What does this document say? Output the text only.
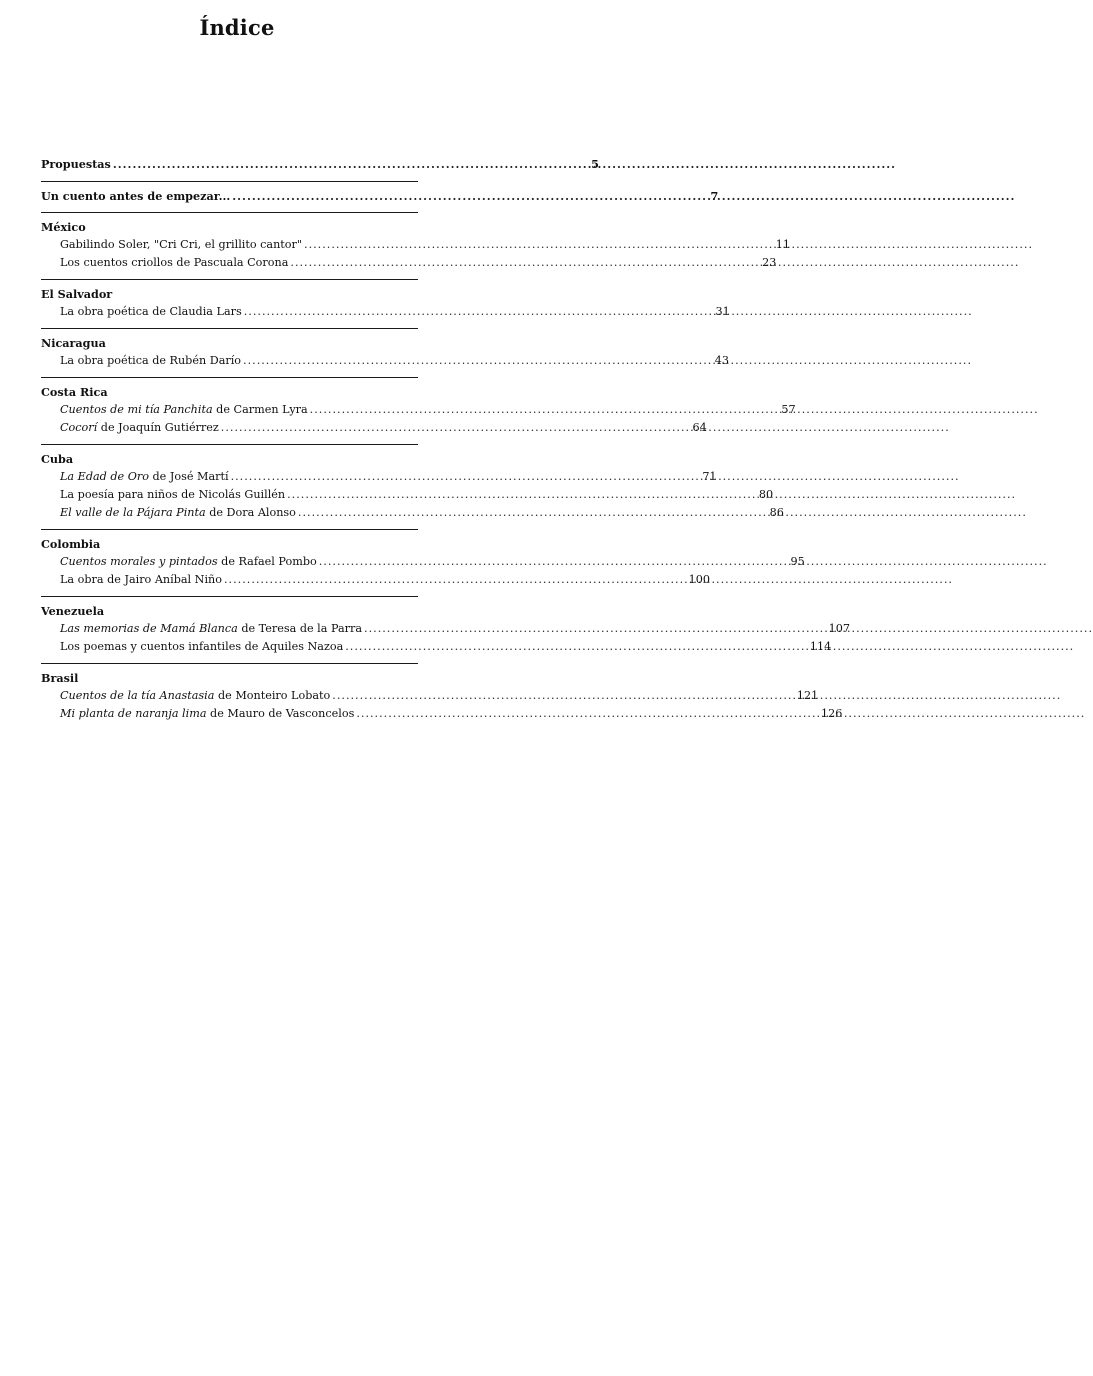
Índice
Propuestas .....	5
Un cuento antes de empezar... .....	7
México
Gabilindo Soler, "Cri Cri, el grillito cantor" .....	11
Los cuentos criollos de Pascuala Corona .....	23
El Salvador
La obra poética de Claudia Lars .....	31
Nicaragua
La obra poética de Rubén Darío .....	43
Costa Rica
Cuentos de mi tía Panchita de Carmen Lyra .....	57
Cocorí de Joaquín Gutiérrez .....	64
Cuba
La Edad de Oro de José Martí .....	71
La poesía para niños de Nicolás Guillén .....	80
El valle de la Pájara Pinta de Dora Alonso .....	86
Colombia
Cuentos morales y pintados de Rafael Pombo .....	95
La obra de Jairo Aníbal Niño .....	100
Venezuela
Las memorias de Mamá Blanca de Teresa de la Parra .....	107
Los poemas y cuentos infantiles de Aquiles Nazoa .....	114
Brasil
Cuentos de la tía Anastasia de Monteiro Lobato .....	121
Mi planta de naranja lima de Mauro de Vasconcelos .....	126
